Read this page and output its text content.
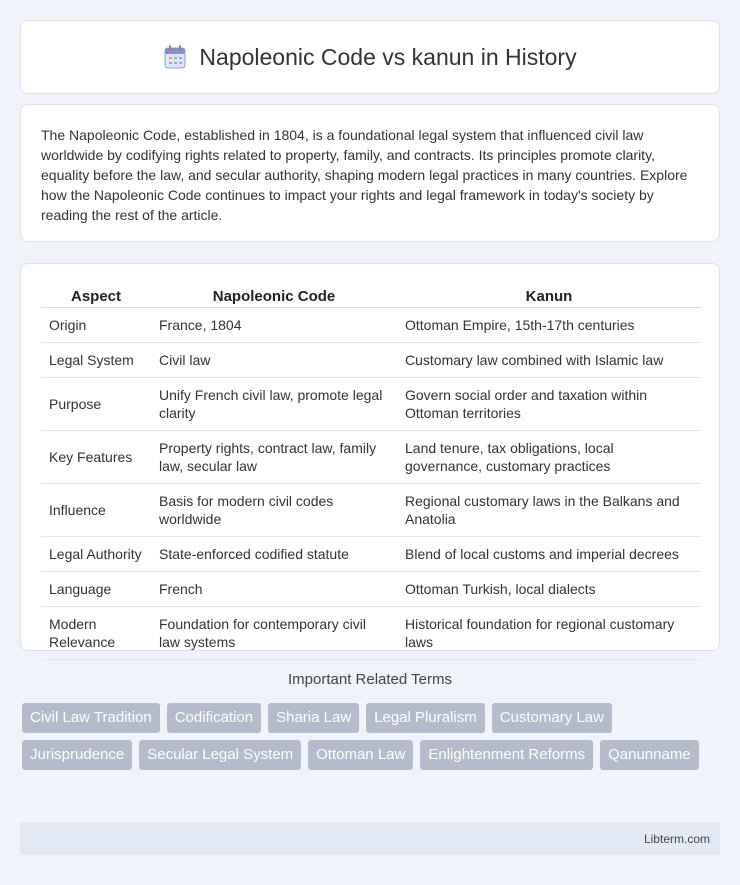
Napoleonic Code vs kanun in History

The Napoleonic Code, established in 1804, is a foundational legal system that influenced civil law worldwide by codifying rights related to property, family, and contracts. Its principles promote clarity, equality before the law, and secular authority, shaping modern legal practices in many countries. Explore how the Napoleonic Code continues to impact your rights and legal framework in today's society by reading the rest of the article.

Aspect	Napoleonic Code	Kanun
Origin	France, 1804	Ottoman Empire, 15th-17th centuries
Legal System	Civil law	Customary law combined with Islamic law
Purpose	Unify French civil law, promote legal clarity	Govern social order and taxation within Ottoman territories
Key Features	Property rights, contract law, family law, secular law	Land tenure, tax obligations, local governance, customary practices
Influence	Basis for modern civil codes worldwide	Regional customary laws in the Balkans and Anatolia
Legal Authority	State-enforced codified statute	Blend of local customs and imperial decrees
Language	French	Ottoman Turkish, local dialects
Modern Relevance	Foundation for contemporary civil law systems	Historical foundation for regional customary laws
Important Related Terms
Civil Law Tradition	Codification	Sharia Law	Legal Pluralism	Customary Law
Jurisprudence	Secular Legal System	Ottoman Law	Enlightenment Reforms	Qanunname
Libterm.com
